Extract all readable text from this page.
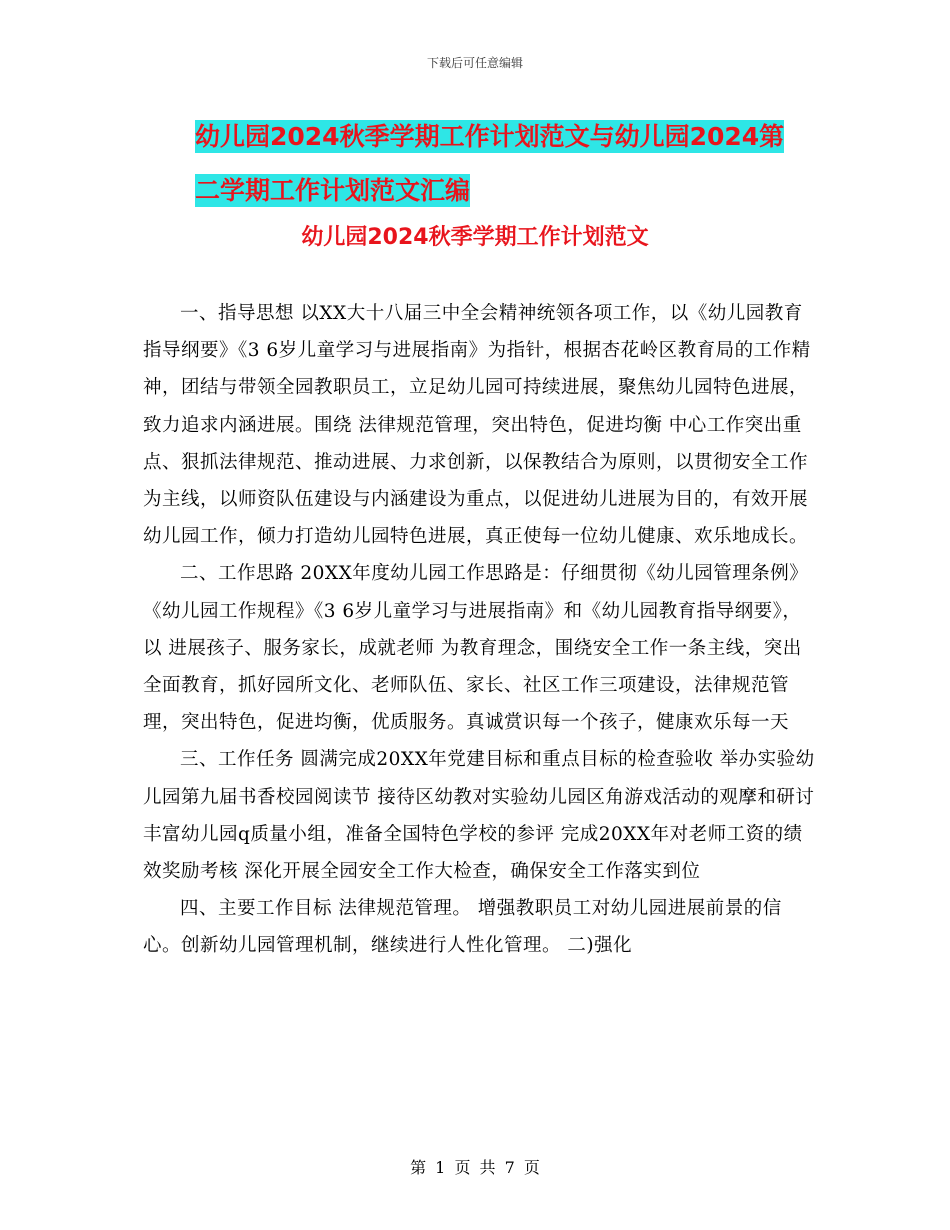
下载后可任意编辑
幼儿园2024秋季学期工作计划范文与幼儿园2024第
二学期工作计划范文汇编
幼儿园2024秋季学期工作计划范文

一、指导思想 以XX大十八届三中全会精神统领各项工作，以《幼儿园教育指导纲要》《3 6岁儿童学习与进展指南》为指针，根据杏花岭区教育局的工作精神，团结与带领全园教职员工，立足幼儿园可持续进展，聚焦幼儿园特色进展，致力追求内涵进展。围绕 法律规范管理，突出特色，促进均衡 中心工作突出重点、狠抓法律规范、推动进展、力求创新，以保教结合为原则，以贯彻安全工作为主线，以师资队伍建设与内涵建设为重点，以促进幼儿进展为目的，有效开展幼儿园工作，倾力打造幼儿园特色进展，真正使每一位幼儿健康、欢乐地成长。

二、工作思路 20XX年度幼儿园工作思路是：仔细贯彻《幼儿园管理条例》《幼儿园工作规程》《3 6岁儿童学习与进展指南》和《幼儿园教育指导纲要》，以 进展孩子、服务家长，成就老师 为教育理念，围绕安全工作一条主线，突出全面教育，抓好园所文化、老师队伍、家长、社区工作三项建设，法律规范管理，突出特色，促进均衡，优质服务。真诚赏识每一个孩子，健康欢乐每一天

三、工作任务 圆满完成20XX年党建目标和重点目标的检查验收 举办实验幼儿园第九届书香校园阅读节 接待区幼教对实验幼儿园区角游戏活动的观摩和研讨 丰富幼儿园q质量小组，准备全国特色学校的参评 完成20XX年对老师工资的绩效奖励考核 深化开展全园安全工作大检查，确保安全工作落实到位

四、主要工作目标 法律规范管理。 增强教职员工对幼儿园进展前景的信心。创新幼儿园管理机制，继续进行人性化管理。 二)强化

第 1 页 共 7 页
